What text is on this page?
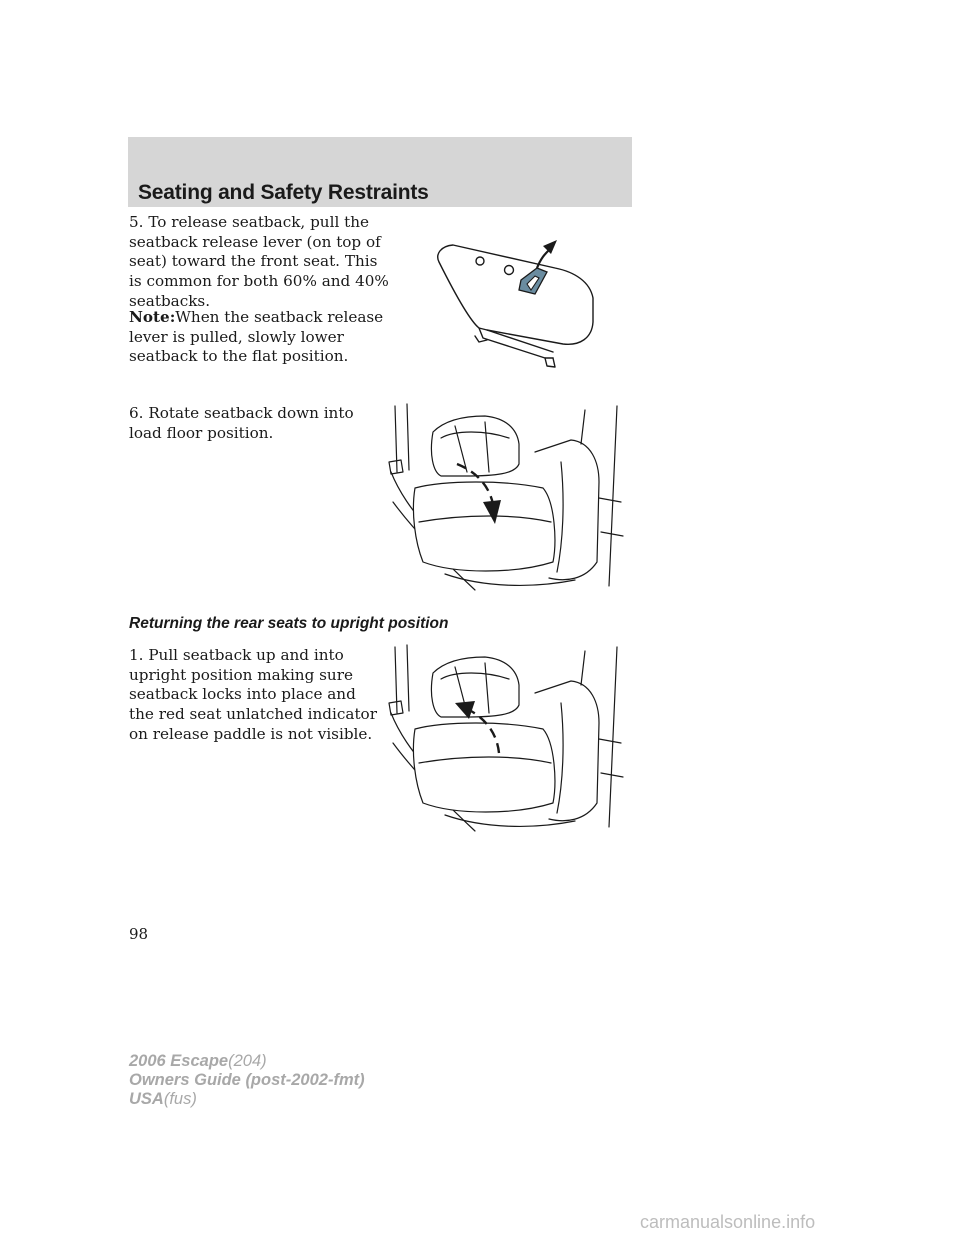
Seating and Safety Restraints

5. To release seatback, pull the seatback release lever (on top of seat) toward the front seat. This is common for both 60% and 40% seatbacks.

Note:When the seatback release lever is pulled, slowly lower seatback to the flat position.

6. Rotate seatback down into load floor position.

Returning the rear seats to upright position

1. Pull seatback up and into upright position making sure seatback locks into place and the red seat unlatched indicator on release paddle is not visible.

98
2006 Escape(204)
Owners Guide (post-2002-fmt)
USA(fus)
carmanualsonline.info
